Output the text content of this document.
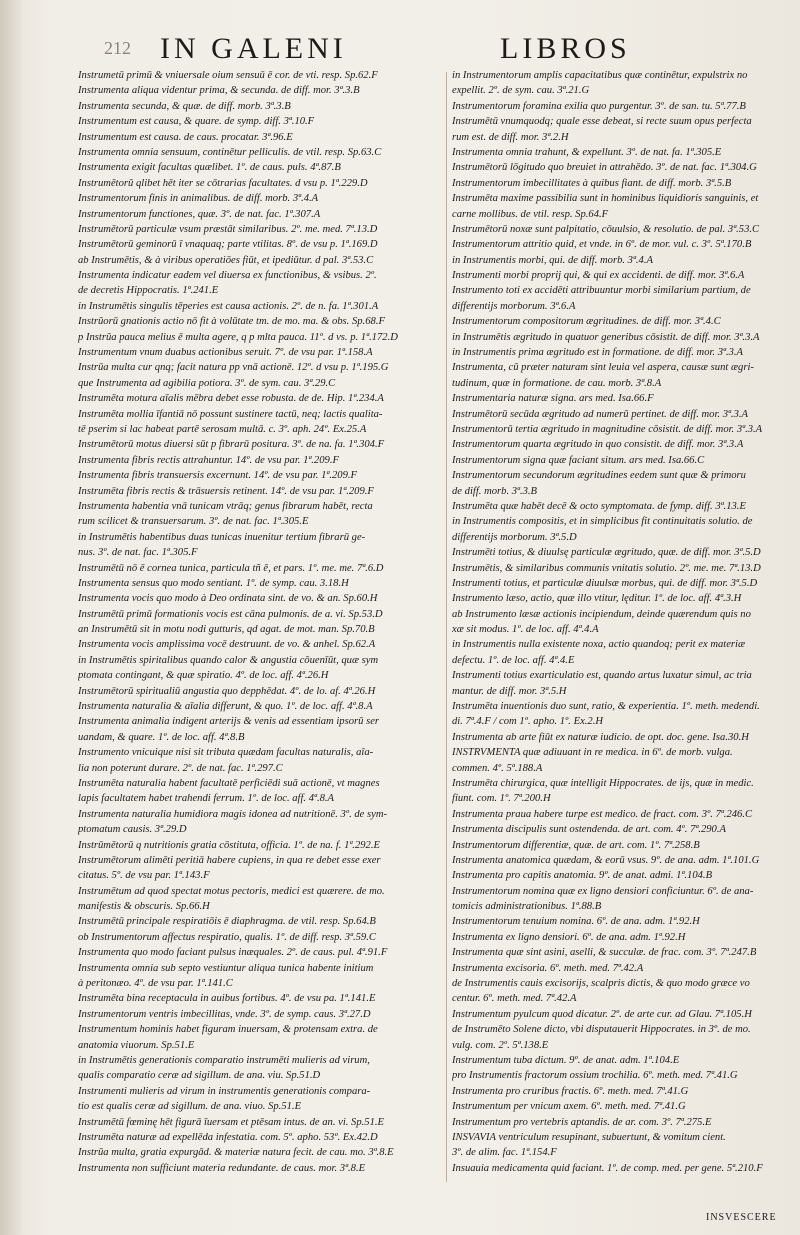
212 IN GALENI	LIBROS
Instrumetū primū & vniuersale oium sensuū ē cor. de vti. resp. Sp.62.F
Instrumenta aliqua videntur prima, & secunda. de diff. mor. 3ª.3.B
Instrumenta secunda, & quæ. de diff. morb. 3ª.3.B
Instrumentum est causa, & quare. de symp. diff. 3ª.10.F
Instrumentum est causa. de caus. procatar. 3ª.96.E
Instrumenta omnia sensuum, continētur pelliculis. de vtil. resp. Sp.63.C
Instrumenta exigit facultas quælibet. 1º. de caus. puls. 4ª.87.B
Instrumētorū qlibet hēt iter se cōtrarias facultates. d vsu p. 1ª.229.D
Instrumentorum finis in animalibus. de diff. morb. 3ª.4.A
Instrumentorum functiones, quæ. 3º. de nat. fac. 1ª.307.A
Instrumētorū particulæ vsum præstāt similaribus. 2º. me. med. 7ª.13.D
Instrumētorū geminorū ī vnaquaq; parte vtilitas. 8º. de vsu p. 1ª.169.D
ab Instrumētis, & à viribus operatiōes fiūt, et ipediūtur. d pal. 3ª.53.C
Instrumenta indicatur eadem vel diuersa ex functionibus, & vsibus. 2º.
de decretis Hippocratis. 1ª.241.E
in Instrumētis singulis tēperies est causa actionis. 2º. de n. fa. 1ª.301.A
Instrūorū gnationis actio nō fit à volūtate tm. de mo. ma. & obs. Sp.68.F
p Instrūa pauca melius ē multa agere, q p mlta pauca. 11º. d vs. p. 1ª.172.D
Instrumentum vnum duabus actionibus seruit. 7º. de vsu par. 1ª.158.A
Instrūa multa cur qnq; facit natura pp vnā actionē. 12º. d vsu p. 1ª.195.G
que Instrumenta ad agibilia potiora. 3º. de sym. cau. 3ª.29.C
Instrumēta motura aīalis mēbra debet esse robusta. de de. Hip. 1ª.234.A
Instrumēta mollia īfantiā nō possunt sustinere tactū, neq; lactis qualita-
tē pserim si lac habeat partē serosam multā. c. 3º. aph. 24º. Ex.25.A
Instrumētorū motus diuersi sūt p fibrarū positura. 3º. de na. fa. 1ª.304.F
Instrumenta fibris rectis attrahuntur. 14º. de vsu par. 1ª.209.F
Instrumenta fibris transuersis excernunt. 14º. de vsu par. 1ª.209.F
Instrumēta fibris rectis & trāsuersis retinent. 14º. de vsu par. 1ª.209.F
Instrumenta habentia vnā tunicam vtrāq; genus fibrarum habēt, recta
rum scilicet & transuersarum. 3º. de nat. fac. 1ª.305.E
in Instrumētis habentibus duas tunicas inuenitur tertium fibrarū ge-
nus. 3º. de nat. fac. 1ª.305.F
Instrumētū nō ē cornea tunica, particula tñ ē, et pars. 1º. me. me. 7ª.6.D
Instrumenta sensus quo modo sentiant. 1º. de symp. cau. 3.18.H
Instrumenta vocis quo modo à Deo ordinata sint. de vo. & an. Sp.60.H
Instrumētū primū formationis vocis est cāna pulmonis. de a. vi. Sp.53.D
an Instrumētū sit in motu nodi gutturis, qd agat. de mot. man. Sp.70.B
Instrumenta vocis amplissima vocē destruunt. de vo. & anhel. Sp.62.A
in Instrumētis spiritalibus quando calor & angustia cōuenīūt, quæ sym
ptomata contingant, & quæ spiratio. 4º. de loc. aff. 4ª.26.H
Instrumētorū spiritualiū angustia quo depphēdat. 4º. de lo. af. 4ª.26.H
Instrumenta naturalia & aīalia differunt, & quo. 1º. de loc. aff. 4ª.8.A
Instrumenta animalia indigent arterijs & venis ad essentiam ipsorū ser
uandam, & quare. 1º. de loc. aff. 4ª.8.B
Instrumento vnicuique nisi sit tributa quædam facultas naturalis, aīa-
lia non poterunt durare. 2º. de nat. fac. 1ª.297.C
Instrumēta naturalia habent facultatē perficiēdi suā actionē, vt magnes
lapis facultatem habet trahendi ferrum. 1º. de loc. aff. 4ª.8.A
Instrumenta naturalia humidiora magis idonea ad nutritionē. 3º. de sym-
ptomatum causis. 3ª.29.D
Instrūmētorū q nutritionis gratia cōstituta, officia. 1º. de na. f. 1ª.292.E
Instrumētorum alimēti peritiā habere cupiens, in qua re debet esse exer
citatus. 5º. de vsu par. 1ª.143.F
Instrumētum ad quod spectat motus pectoris, medici est quærere. de mo.
manifestis & obscuris. Sp.66.H
Instrumētū principale respiratiōis ē diaphragma. de vtil. resp. Sp.64.B
ob Instrumentorum affectus respiratio, qualis. 1º. de diff. resp. 3ª.59.C
Instrumenta quo modo faciant pulsus inæquales. 2º. de caus. pul. 4ª.91.F
Instrumenta omnia sub septo vestiuntur aliqua tunica habente initium
à peritonæo. 4º. de vsu par. 1ª.141.C
Instrumēta bina receptacula in auibus fortibus. 4º. de vsu pa. 1ª.141.E
Instrumentorum ventris imbecillitas, vnde. 3º. de symp. caus. 3ª.27.D
Instrumentum hominis habet figuram inuersam, & protensam extra. de
anatomia viuorum. Sp.51.E
in Instrumētis generationis comparatio instrumēti mulieris ad virum,
qualis comparatio ceræ ad sigillum. de ana. viu. Sp.51.D
Instrumenti mulieris ad virum in instrumentis generationis compara-
tio est qualis ceræ ad sigillum. de ana. viuo. Sp.51.E
Instrumētū fœminę hēt figurā īuersam et ptēsam intus. de an. vi. Sp.51.E
Instrumēta naturæ ad expellēda infestatia. com. 5º. apho. 53º. Ex.42.D
Instrūa multa, gratia expurgād. & materiæ natura fecit. de cau. mo. 3ª.8.E
Instrumenta non sufficiunt materia redundante. de caus. mor. 3ª.8.E
in Instrumentorum amplis capacitatibus quæ continētur, expulstrix no
expellit. 2º. de sym. cau. 3ª.21.G
Instrumentorum foramina exilia quo purgentur. 3º. de san. tu. 5ª.77.B
Instrumētū vnumquodq; quale esse debeat, si recte suum opus perfecta
rum est. de diff. mor. 3ª.2.H
Instrumenta omnia trahunt, & expellunt. 3º. de nat. fa. 1ª.305.E
Instrumētorū lōgitudo quo breuiet in attrahēdo. 3º. de nat. fac. 1ª.304.G
Instrumentorum imbecillitates à quibus fiant. de diff. morb. 3ª.5.B
Instrumēta maxime passibilia sunt in hominibus liquidioris sanguinis, et
carne mollibus. de vtil. resp. Sp.64.F
Instrumētorū noxæ sunt palpitatio, cōuulsio, & resolutio. de pal. 3ª.53.C
Instrumentorum attritio quid, et vnde. in 6º. de mor. vul. c. 3º. 5ª.170.B
in Instrumentis morbi, qui. de diff. morb. 3ª.4.A
Instrumenti morbi proprij qui, & qui ex accidenti. de diff. mor. 3ª.6.A
Instrumento toti ex accidēti attribuuntur morbi similarium partium, de
differentijs morborum. 3ª.6.A
Instrumentorum compositorum ægritudines. de diff. mor. 3ª.4.C
in Instrumētis ægritudo in quatuor generibus cōsistit. de diff. mor. 3ª.3.A
in Instrumentis prima ægritudo est in formatione. de diff. mor. 3ª.3.A
Instrumenta, cū præter naturam sint leuia vel aspera, causæ sunt ægri-
tudinum, quæ in formatione. de cau. morb. 3ª.8.A
Instrumentaria naturæ signa. ars med. Isa.66.F
Instrumētorū secūda ægritudo ad numerū pertinet. de diff. mor. 3ª.3.A
Instrumentorū tertia ægritudo in magnitudine cōsistit. de diff. mor. 3ª.3.A
Instrumentorum quarta ægritudo in quo consistit. de diff. mor. 3ª.3.A
Instrumentorum signa quæ faciant situm. ars med. Isa.66.C
Instrumentorum secundorum ægritudines eedem sunt quæ & primoru
de diff. morb. 3ª.3.B
Instrumēta quæ habēt decē & octo symptomata. de fymp. diff. 3ª.13.E
in Instrumentis compositis, et in simplicibus fit continuitatis solutio. de
differentijs morborum. 3ª.5.D
Instrumēti totius, & diuulsę particulæ ægritudo, quæ. de diff. mor. 3ª.5.D
Instrumētis, & similaribus communis vnitatis solutio. 2º. me. me. 7ª.13.D
Instrumenti totius, et particulæ diuulsæ morbus, qui. de diff. mor. 3ª.5.D
Instrumento læso, actio, quæ illo vtitur, lęditur. 1º. de loc. aff. 4ª.3.H
ab Instrumento læsæ actionis incipiendum, deinde quærendum quis no
xæ sit modus. 1º. de loc. aff. 4ª.4.A
in Instrumentis nulla existente noxa, actio quandoq; perit ex materiæ
defectu. 1º. de loc. aff. 4ª.4.E
Instrumenti totius exarticulatio est, quando artus luxatur simul, ac tria
mantur. de diff. mor. 3ª.5.H
Instrumēta inuentionis duo sunt, ratio, & experientia. 1º. meth. medendi.
di. 7ª.4.F / com 1º. apho. 1º. Ex.2.H
Instrumenta ab arte fiūt ex naturæ iudicio. de opt. doc. gene. Isa.30.H
INSTRVMENTA quæ adiuuant in re medica. in 6º. de morb. vulga.
commen. 4º. 5ª.188.A
Instrumēta chirurgica, quæ intelligit Hippocrates. de ijs, quæ in medic.
fiunt. com. 1º. 7ª.200.H
Instrumenta praua habere turpe est medico. de fract. com. 3º. 7ª.246.C
Instrumenta discipulis sunt ostendenda. de art. com. 4º. 7ª.290.A
Instrumentorum differentiæ, quæ. de art. com. 1º. 7ª.258.B
Instrumenta anatomica quædam, & eorū vsus. 9º. de ana. adm. 1ª.101.G
Instrumenta pro capitis anatomia. 9º. de anat. admi. 1ª.104.B
Instrumentorum nomina quæ ex ligno densiori conficiuntur. 6º. de ana-
tomicis administrationibus. 1ª.88.B
Instrumentorum tenuium nomina. 6º. de ana. adm. 1ª.92.H
Instrumenta ex ligno densiori. 6º. de ana. adm. 1ª.92.H
Instrumenta quæ sint asini, aselli, & succulæ. de frac. com. 3º. 7ª.247.B
Instrumenta excisoria. 6º. meth. med. 7ª.42.A
de Instrumentis cauis excisorijs, scalpris dictis, & quo modo græce vo
centur. 6º. meth. med. 7ª.42.A
Instrumentum pyulcum quod dicatur. 2º. de arte cur. ad Glau. 7ª.105.H
de Instrumēto Solene dicto, vbi disputauerit Hippocrates. in 3º. de mo.
vulg. com. 2º. 5ª.138.E
Instrumentum tuba dictum. 9º. de anat. adm. 1ª.104.E
pro Instrumentis fractorum ossium trochilia. 6º. meth. med. 7ª.41.G
Instrumenta pro cruribus fractis. 6º. meth. med. 7ª.41.G
Instrumentum per vnicum axem. 6º. meth. med. 7ª.41.G
Instrumentum pro vertebris aptandis. de ar. com. 3º. 7ª.275.E
INSVAVIA ventriculum resupinant, subuertunt, & vomitum cient.
3º. de alim. fac. 1ª.154.F
Insuauia medicamenta quid faciant. 1º. de comp. med. per gene. 5ª.210.F
INSVESCERE
